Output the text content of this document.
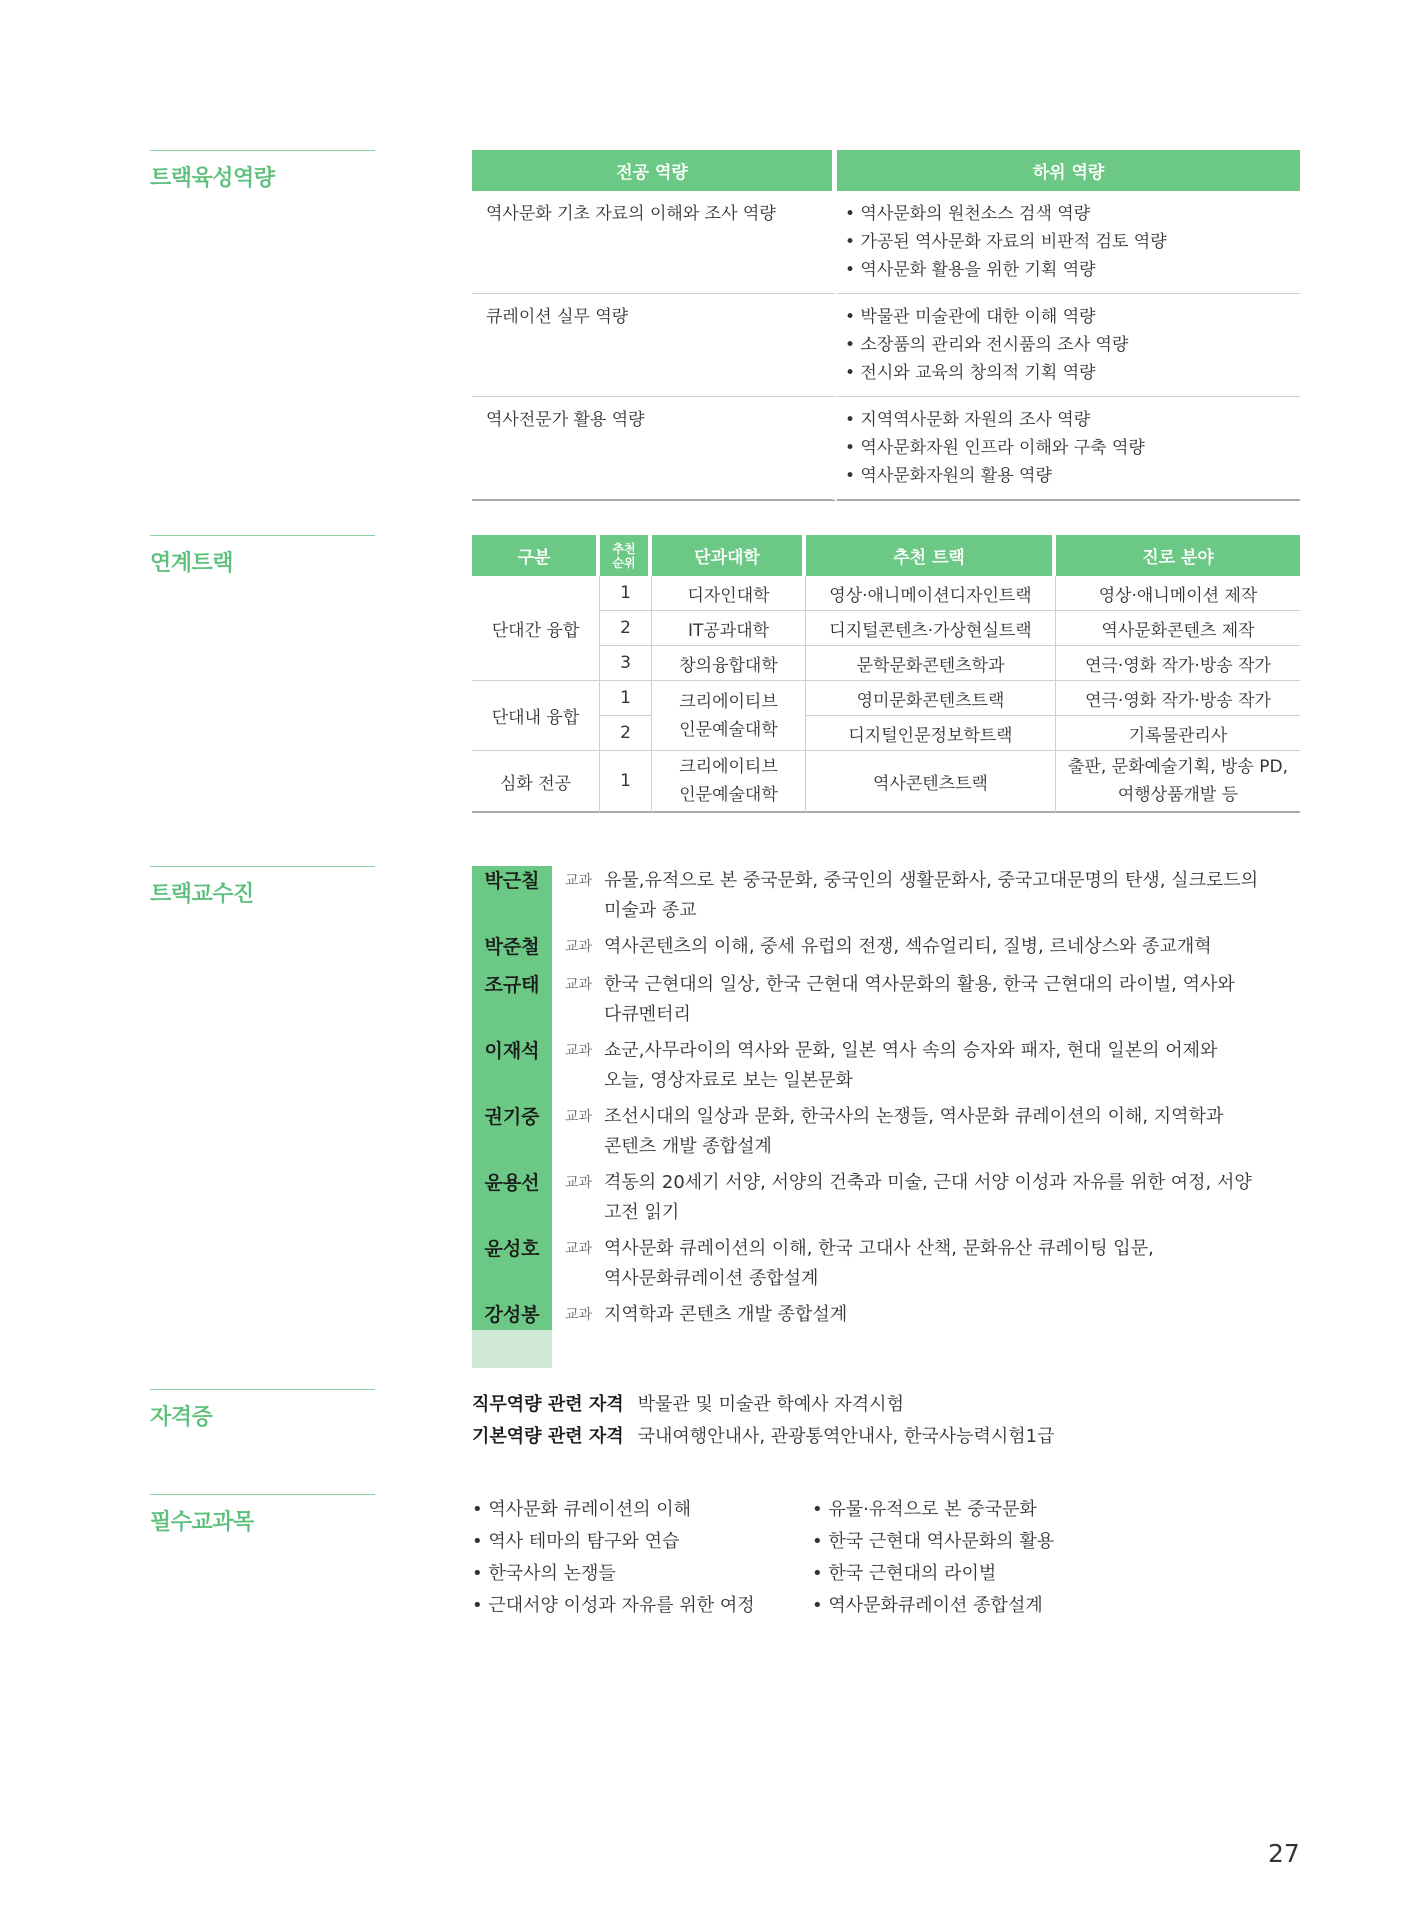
트랙육성역량	전공 역량	하위 역량
역사문화 기초 자료의 이해와 조사 역량	• 역사문화의 원천소스 검색 역량
• 가공된 역사문화 자료의 비판적 검토 역량
• 역사문화 활용을 위한 기획 역량

큐레이션 실무 역량	• 박물관 미술관에 대한 이해 역량
• 소장품의 관리와 전시품의 조사 역량
• 전시와 교육의 창의적 기획 역량

역사전문가 활용 역량	• 지역역사문화 자원의 조사 역량
• 역사문화자원 인프라 이해와 구축 역량
• 역사문화자원의 활용 역량
연계트랙	구분	추천
순위	단과대학	추천 트랙	진로 분야
단대간 융합	1	디자인대학	영상·애니메이션디자인트랙	영상·애니메이션 제작
	2	IT공과대학	디지털콘텐츠·가상현실트랙	역사문화콘텐츠 제작
	3	창의융합대학	문학문화콘텐츠학과	연극·영화 작가·방송 작가
단대내 융합	1	크리에이티브
인문예술대학	영미문화콘텐츠트랙	연극·영화 작가·방송 작가
	2		디지털인문정보학트랙	기록물관리사
심화 전공	1	크리에이티브
인문예술대학	역사콘텐츠트랙	출판, 문화예술기획, 방송 PD,
여행상품개발 등
트랙교수진
박근칠	교과 유물,유적으로 본 중국문화, 중국인의 생활문화사, 중국고대문명의 탄생, 실크로드의
미술과 종교
박준철	교과 역사콘텐츠의 이해, 중세 유럽의 전쟁, 섹슈얼리티, 질병, 르네상스와 종교개혁
조규태	교과 한국 근현대의 일상, 한국 근현대 역사문화의 활용, 한국 근현대의 라이벌, 역사와
다큐멘터리
이재석	교과 쇼군,사무라이의 역사와 문화, 일본 역사 속의 승자와 패자, 현대 일본의 어제와
오늘, 영상자료로 보는 일본문화
권기중	교과 조선시대의 일상과 문화, 한국사의 논쟁들, 역사문화 큐레이션의 이해, 지역학과
콘텐츠 개발 종합설계
윤용선	교과 격동의 20세기 서양, 서양의 건축과 미술, 근대 서양 이성과 자유를 위한 여정, 서양
고전 읽기
윤성호	교과 역사문화 큐레이션의 이해, 한국 고대사 산책, 문화유산 큐레이팅 입문,
역사문화큐레이션 종합설계
강성봉	교과 지역학과 콘텐츠 개발 종합설계
자격증
직무역량 관련 자격 박물관 및 미술관 학예사 자격시험
기본역량 관련 자격 국내여행안내사, 관광통역안내사, 한국사능력시험1급
필수교과목
• 역사문화 큐레이션의 이해
• 역사 테마의 탐구와 연습
• 한국사의 논쟁들
• 근대서양 이성과 자유를 위한 여정
• 유물·유적으로 본 중국문화
• 한국 근현대 역사문화의 활용
• 한국 근현대의 라이벌
• 역사문화큐레이션 종합설계
27
